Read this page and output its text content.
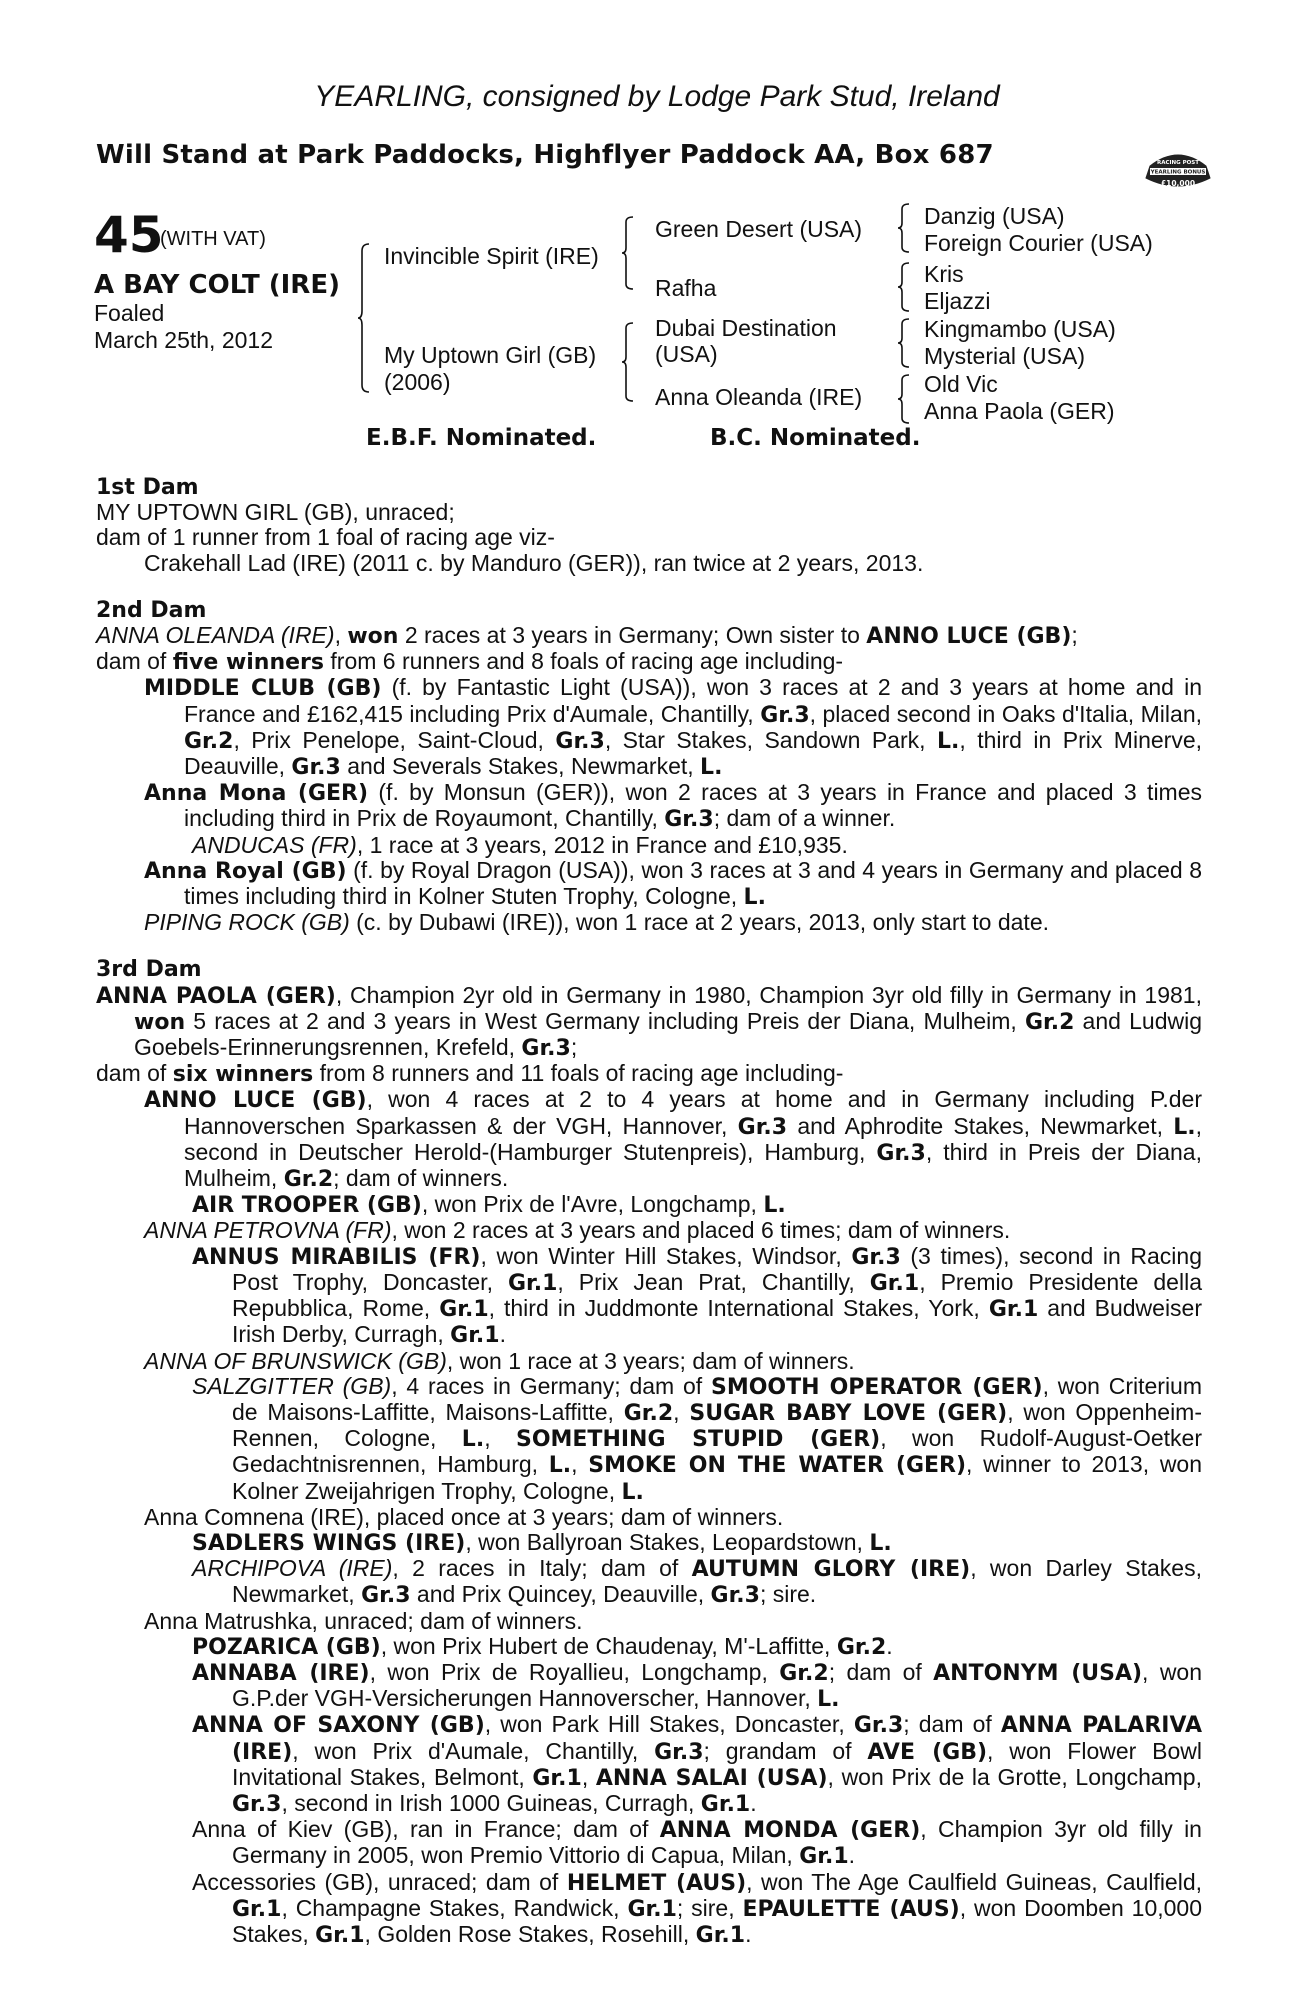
YEARLING, consigned by Lodge Park Stud, Ireland
Will Stand at Park Paddocks, Highflyer Paddock AA, Box 687	RACING POST
YEARLING BONUS
£10,000
45
(WITH VAT)
A BAY COLT (IRE)
Foaled
March 25th, 2012
Invincible Spirit (IRE)
My Uptown Girl (GB)
(2006)
Green Desert (USA)
Rafha
Dubai Destination
(USA)
Anna Oleanda (IRE)
Danzig (USA)
Foreign Courier (USA)
Kris
Eljazzi
Kingmambo (USA)
Mysterial (USA)
Old Vic
Anna Paola (GER)
E.B.F. Nominated.	B.C. Nominated.

1st Dam

MY UPTOWN GIRL (GB), unraced;

dam of 1 runner from 1 foal of racing age viz-

Crakehall Lad (IRE) (2011 c. by Manduro (GER)), ran twice at 2 years, 2013.

2nd Dam

ANNA OLEANDA (IRE), won 2 races at 3 years in Germany; Own sister to ANNO LUCE (GB);

dam of five winners from 6 runners and 8 foals of racing age including-

MIDDLE CLUB (GB) (f. by Fantastic Light (USA)), won 3 races at 2 and 3 years at home and in France and £162,415 including Prix d'Aumale, Chantilly, Gr.3, placed second in Oaks d'Italia, Milan, Gr.2, Prix Penelope, Saint-Cloud, Gr.3, Star Stakes, Sandown Park, L., third in Prix Minerve, Deauville, Gr.3 and Severals Stakes, Newmarket, L.

Anna Mona (GER) (f. by Monsun (GER)), won 2 races at 3 years in France and placed 3 times including third in Prix de Royaumont, Chantilly, Gr.3; dam of a winner.

ANDUCAS (FR), 1 race at 3 years, 2012 in France and £10,935.

Anna Royal (GB) (f. by Royal Dragon (USA)), won 3 races at 3 and 4 years in Germany and placed 8 times including third in Kolner Stuten Trophy, Cologne, L.

PIPING ROCK (GB) (c. by Dubawi (IRE)), won 1 race at 2 years, 2013, only start to date.

3rd Dam

ANNA PAOLA (GER), Champion 2yr old in Germany in 1980, Champion 3yr old filly in Germany in 1981, won 5 races at 2 and 3 years in West Germany including Preis der Diana, Mulheim, Gr.2 and Ludwig Goebels-Erinnerungsrennen, Krefeld, Gr.3;

dam of six winners from 8 runners and 11 foals of racing age including-

ANNO LUCE (GB), won 4 races at 2 to 4 years at home and in Germany including P.der Hannoverschen Sparkassen & der VGH, Hannover, Gr.3 and Aphrodite Stakes, Newmarket, L., second in Deutscher Herold-(Hamburger Stutenpreis), Hamburg, Gr.3, third in Preis der Diana, Mulheim, Gr.2; dam of winners.

AIR TROOPER (GB), won Prix de l'Avre, Longchamp, L.

ANNA PETROVNA (FR), won 2 races at 3 years and placed 6 times; dam of winners.

ANNUS MIRABILIS (FR), won Winter Hill Stakes, Windsor, Gr.3 (3 times), second in Racing Post Trophy, Doncaster, Gr.1, Prix Jean Prat, Chantilly, Gr.1, Premio Presidente della Repubblica, Rome, Gr.1, third in Juddmonte International Stakes, York, Gr.1 and Budweiser Irish Derby, Curragh, Gr.1.

ANNA OF BRUNSWICK (GB), won 1 race at 3 years; dam of winners.

SALZGITTER (GB), 4 races in Germany; dam of SMOOTH OPERATOR (GER), won Criterium de Maisons-Laffitte, Maisons-Laffitte, Gr.2, SUGAR BABY LOVE (GER), won Oppenheim-Rennen, Cologne, L., SOMETHING STUPID (GER), won Rudolf-August-Oetker Gedachtnisrennen, Hamburg, L., SMOKE ON THE WATER (GER), winner to 2013, won Kolner Zweijahrigen Trophy, Cologne, L.

Anna Comnena (IRE), placed once at 3 years; dam of winners.

SADLERS WINGS (IRE), won Ballyroan Stakes, Leopardstown, L.

ARCHIPOVA (IRE), 2 races in Italy; dam of AUTUMN GLORY (IRE), won Darley Stakes, Newmarket, Gr.3 and Prix Quincey, Deauville, Gr.3; sire.

Anna Matrushka, unraced; dam of winners.

POZARICA (GB), won Prix Hubert de Chaudenay, M'-Laffitte, Gr.2.

ANNABA (IRE), won Prix de Royallieu, Longchamp, Gr.2; dam of ANTONYM (USA), won G.P.der VGH-Versicherungen Hannoverscher, Hannover, L.

ANNA OF SAXONY (GB), won Park Hill Stakes, Doncaster, Gr.3; dam of ANNA PALARIVA (IRE), won Prix d'Aumale, Chantilly, Gr.3; grandam of AVE (GB), won Flower Bowl Invitational Stakes, Belmont, Gr.1, ANNA SALAI (USA), won Prix de la Grotte, Longchamp, Gr.3, second in Irish 1000 Guineas, Curragh, Gr.1.

Anna of Kiev (GB), ran in France; dam of ANNA MONDA (GER), Champion 3yr old filly in Germany in 2005, won Premio Vittorio di Capua, Milan, Gr.1.

Accessories (GB), unraced; dam of HELMET (AUS), won The Age Caulfield Guineas, Caulfield, Gr.1, Champagne Stakes, Randwick, Gr.1; sire, EPAULETTE (AUS), won Doomben 10,000 Stakes, Gr.1, Golden Rose Stakes, Rosehill, Gr.1.
